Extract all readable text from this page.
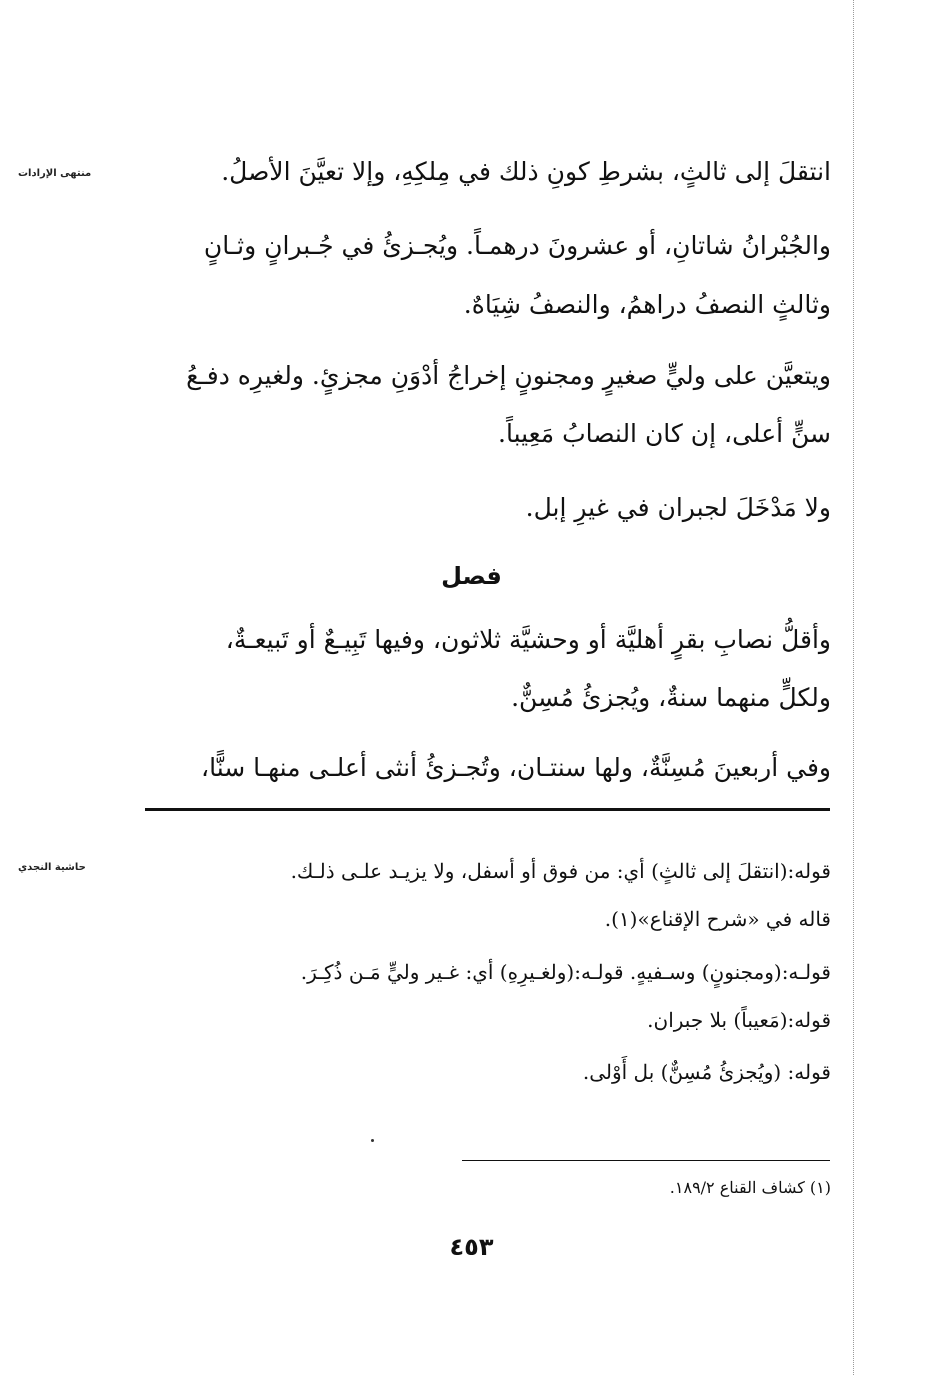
منتهى الإرادات
حاشية النجدي
انتقلَ إلى ثالثٍ، بشرطِ كونِ ذلك في مِلكِهِ، وإلا تعيَّنَ الأصلُ.
والجُبْرانُ شاتانِ، أو عشرونَ درهمـاً. ويُجـزئُ في جُـبرانٍ وثـانٍ
وثالثٍ النصفُ دراهمُ، والنصفُ شِيَاهٌ.
ويتعيَّن على وليٍّ صغيرٍ ومجنونٍ إخراجُ أدْوَنِ مجزئٍ. ولغيرِه دفـعُ
سنٍّ أعلى، إن كان النصابُ مَعِيباً.
ولا مَدْخَلَ لجبران في غيرِ إبل.
فصل
وأقلُّ نصابِ بقرٍ أهليَّة أو وحشيَّة ثلاثون، وفيها تَبِيـعٌ أو تَبيعـةٌ،
ولكلٍّ منهما سنةٌ، ويُجزئُ مُسِنٌّ.
وفي أربعينَ مُسِنَّةٌ، ولها سنتـان، وتُجـزئُ أنثى أعلـى منهـا سنًّا،
قوله:(انتقلَ إلى ثالثٍ) أي: من فوق أو أسفل، ولا يزيـد علـى ذلـك.
قاله في «شرح الإقناع»(١).
قولـه:(ومجنونٍ) وسـفيهٍ. قولـه:(ولغـيرِهِ) أي: غـير وليٍّ مَـن ذُكِـرَ.
قوله:(مَعيباً) بلا جبران.
قوله: (ويُجزئُ مُسِنٌّ) بل أَوْلى.
(١) كشاف القناع ١٨٩/٢.
٤٥٣
